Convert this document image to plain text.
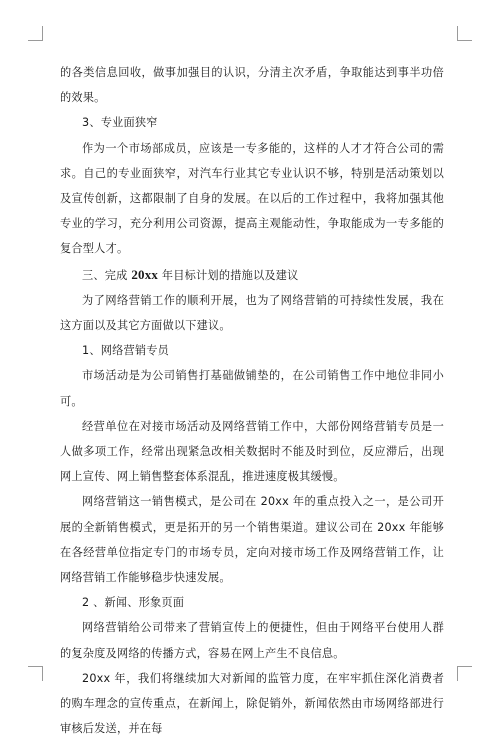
的各类信息回收，做事加强目的认识，分清主次矛盾，争取能达到事半功倍的效果。

3、专业面狭窄

作为一个市场部成员，应该是一专多能的，这样的人才才符合公司的需求。自己的专业面狭窄，对汽车行业其它专业认识不够，特别是活动策划以及宣传创新，这都限制了自身的发展。在以后的工作过程中，我将加强其他专业的学习，充分利用公司资源，提高主观能动性，争取能成为一专多能的复合型人才。

三、完成 20xx 年目标计划的措施以及建议

为了网络营销工作的顺利开展，也为了网络营销的可持续性发展，我在这方面以及其它方面做以下建议。

1、网络营销专员

市场活动是为公司销售打基础做铺垫的，在公司销售工作中地位非同小可。

经营单位在对接市场活动及网络营销工作中，大部份网络营销专员是一人做多项工作，经常出现紧急改相关数据时不能及时到位，反应滞后，出现网上宣传、网上销售整套体系混乱，推进速度极其缓慢。

网络营销这一销售模式，是公司在 20xx 年的重点投入之一，是公司开展的全新销售模式，更是拓开的另一个销售渠道。建议公司在 20xx 年能够在各经营单位指定专门的市场专员，定向对接市场工作及网络营销工作，让网络营销工作能够稳步快速发展。

2 、新闻、形象页面

网络营销给公司带来了营销宣传上的便捷性，但由于网络平台使用人群的复杂度及网络的传播方式，容易在网上产生不良信息。

20xx 年，我们将继续加大对新闻的监管力度，在牢牢抓住深化消费者的购车理念的宣传重点，在新闻上，除促销外，新闻依然由市场网络部进行审核后发送，并在每
